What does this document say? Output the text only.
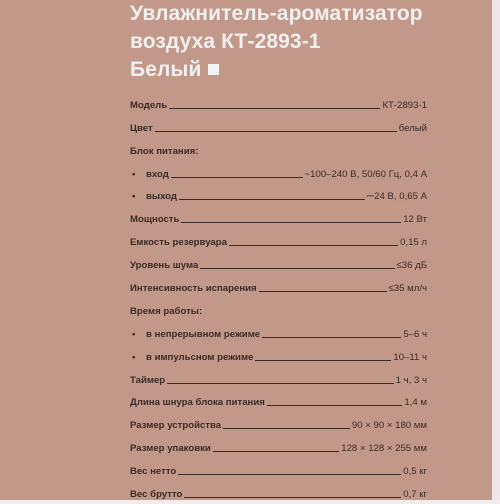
Увлажнитель-ароматизатор
воздуха КТ-2893-1
Белый
Модель	КТ-2893-1
Цвет	белый
Блок питания:
• вход	~100–240 В, 50/60 Гц, 0,4 А
• выход	⎓24 В, 0,65 А
Мощность	12 Вт
Емкость резервуара	0,15 л
Уровень шума	≤36 дБ
Интенсивность испарения	≤35 мл/ч
Время работы:
• в непрерывном режиме	5–6 ч
• в импульсном режиме	10–11 ч
Таймер	1 ч, 3 ч
Длина шнура блока питания	1,4 м
Размер устройства	90 × 90 × 180 мм
Размер упаковки	128 × 128 × 255 мм
Вес нетто	0,5 кг
Вес брутто	0,7 кг
